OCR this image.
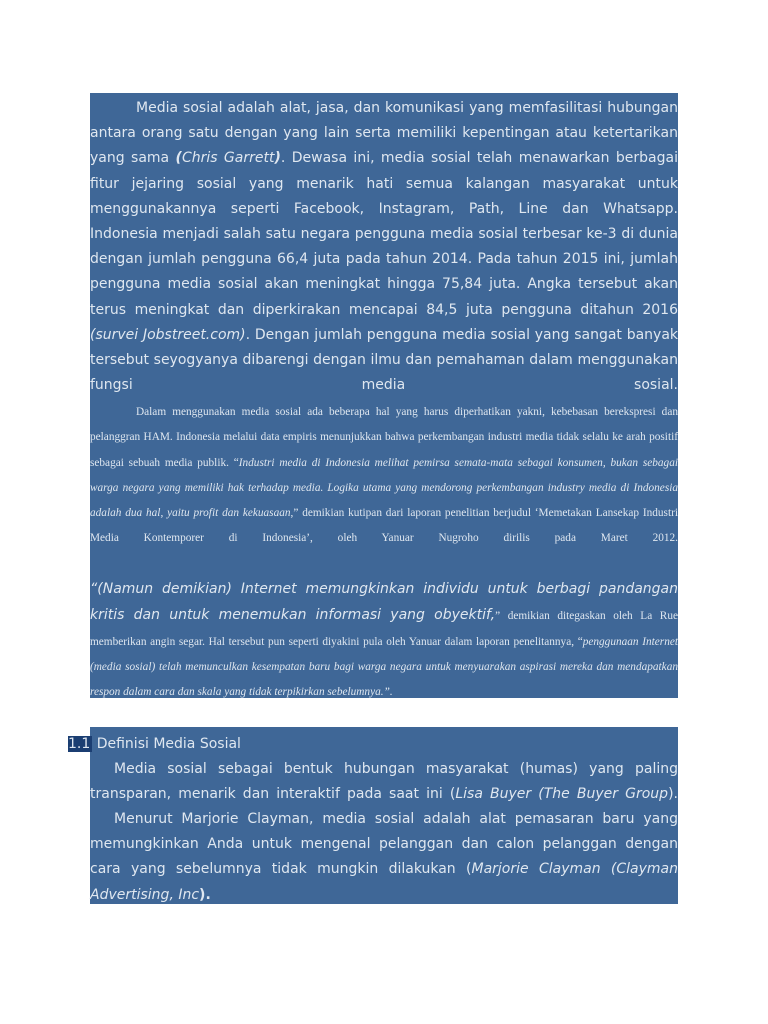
Media sosial adalah alat, jasa, dan komunikasi yang memfasilitasi hubungan antara orang satu dengan yang lain serta memiliki kepentingan atau ketertarikan yang sama (Chris Garrett). Dewasa ini, media sosial telah menawarkan berbagai fitur jejaring sosial yang menarik hati semua kalangan masyarakat untuk menggunakannya seperti Facebook, Instagram, Path, Line dan Whatsapp. Indonesia menjadi salah satu negara pengguna media sosial terbesar ke-3 di dunia dengan jumlah pengguna 66,4 juta pada tahun 2014. Pada tahun 2015 ini, jumlah pengguna media sosial akan meningkat hingga 75,84 juta. Angka tersebut akan terus meningkat dan diperkirakan mencapai 84,5 juta pengguna ditahun 2016 (survei Jobstreet.com). Dengan jumlah pengguna media sosial yang sangat banyak tersebut seyogyanya dibarengi dengan ilmu dan pemahaman dalam menggunakan fungsi media sosial.

Dalam menggunakan media sosial ada beberapa hal yang harus diperhatikan yakni, kebebasan berekspresi dan pelanggran HAM. Indonesia melalui data empiris menunjukkan bahwa perkembangan industri media tidak selalu ke arah positif sebagai sebuah media publik. “Industri media di Indonesia melihat pemirsa semata-mata sebagai konsumen, bukan sebagai warga negara yang memiliki hak terhadap media. Logika utama yang mendorong perkembangan industry media di Indonesia adalah dua hal, yaitu profit dan kekuasaan,” demikian kutipan dari laporan penelitian berjudul ‘Memetakan Lansekap Industri Media Kontemporer di Indonesia’, oleh Yanuar Nugroho dirilis pada Maret 2012.

“(Namun demikian) Internet memungkinkan individu untuk berbagi pandangan kritis dan untuk menemukan informasi yang obyektif,” demikian ditegaskan oleh La Rue memberikan angin segar. Hal tersebut pun seperti diyakini pula oleh Yanuar dalam laporan penelitannya, “penggunaan Internet (media sosial) telah memunculkan kesempatan baru bagi warga negara untuk menyuarakan aspirasi mereka dan mendapatkan respon dalam cara dan skala yang tidak terpikirkan sebelumnya.”.

Media sosial sebagai bentuk hubungan masyarakat (humas) yang paling transparan, menarik dan interaktif pada saat ini (Lisa Buyer (The Buyer Group).

Menurut Marjorie Clayman, media sosial adalah alat pemasaran baru yang memungkinkan Anda untuk mengenal pelanggan dan calon pelanggan dengan cara yang sebelumnya tidak mungkin dilakukan (Marjorie Clayman (Clayman Advertising, Inc).

1.1 Definisi Media Sosial
